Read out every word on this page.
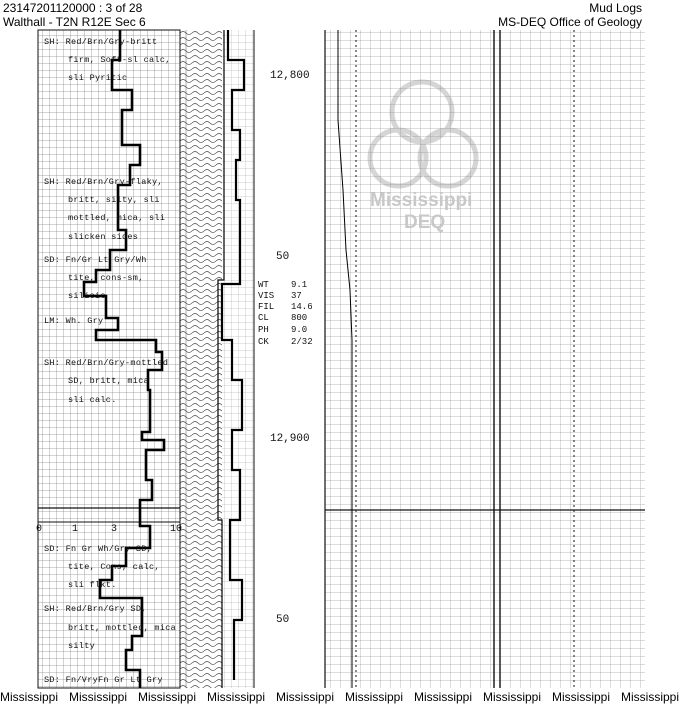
23147201120000 : 3 of 28
Walthall - T2N R12E Sec 6
Mud Logs
MS-DEQ Office of Geology
Mississippi
DEQ
0	1	3	10
12,800
50
12,900
50
WT 9.1
VIS 37
FIL 14.6
CL 800
PH 9.0
CK 2/32
SH: Red/Brn/Gry-britt
firm, Soft-sl calc,
sli Pyritic
SH: Red/Brn/Gry-flaky,
britt, silty, sli
mottled, mica, sli
slicken sides
SD: Fn/Gr Lt Gry/Wh
tite, cons-sm,
silicic
LM: Wh. Gry
SH: Red/Brn/Gry-mottled
SD, britt, mica
sli calc.
SD: Fn Gr Wh/Gry SD,
tite, Cons, calc,
sli flkt.
SH: Red/Brn/Gry SD,
britt, mottled, mica
silty
SD: Fn/VryFn Gr Lt Gry
Mississippi Mississippi Mississippi Mississippi Mississippi Mississippi Mississippi Mississippi Mississippi Mississippi
